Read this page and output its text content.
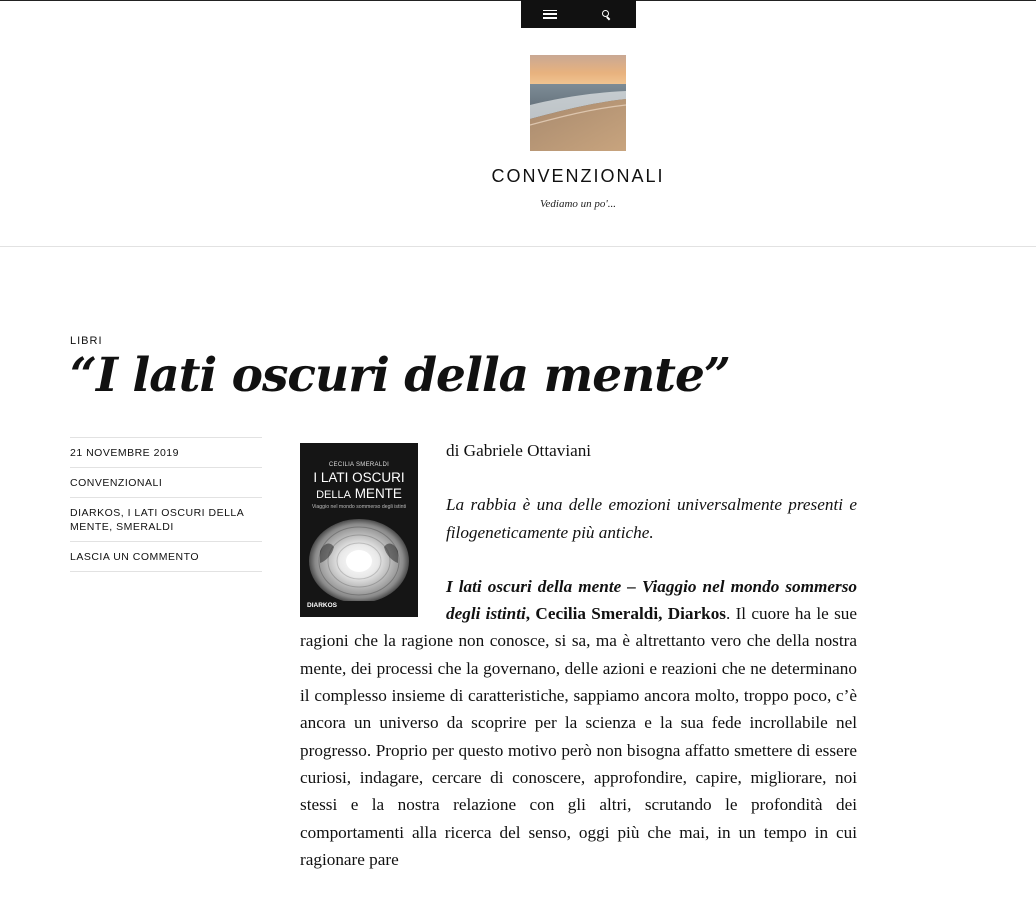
CONVENZIONALI
Vediamo un po'...
LIBRI
“I lati oscuri della mente”
21 NOVEMBRE 2019
CONVENZIONALI
DIARKOS, I LATI OSCURI DELLA MENTE, SMERALDI
LASCIA UN COMMENTO

di Gabriele Ottaviani

La rabbia è una delle emozioni universalmente presenti e filogeneticamente più antiche.

I lati oscuri della mente – Viaggio nel mondo sommerso degli istinti, Cecilia Smeraldi, Diarkos. Il cuore ha le sue ragioni che la ragione non conosce, si sa, ma è altrettanto vero che della nostra mente, dei processi che la governano, delle azioni e reazioni che ne determinano il complesso insieme di caratteristiche, sappiamo ancora molto, troppo poco, c’è ancora un universo da scoprire per la scienza e la sua fede incrollabile nel progresso. Proprio per questo motivo però non bisogna affatto smettere di essere curiosi, indagare, cercare di conoscere, approfondire, capire, migliorare, noi stessi e la nostra relazione con gli altri, scrutando le profondità dei comportamenti alla ricerca del senso, oggi più che mai, in un tempo in cui ragionare pare

CECILIA SMERALDI
I LATI OSCURI
DELLA MENTE
Viaggio nel mondo sommerso degli istinti
DIARKOS
